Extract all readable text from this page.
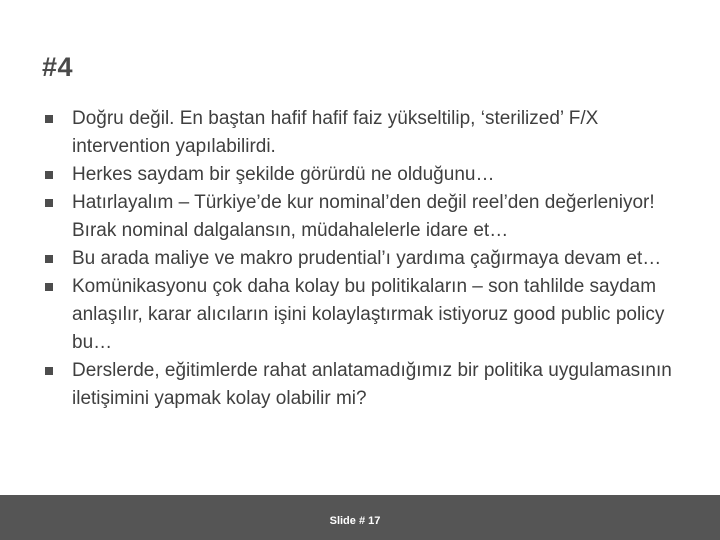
#4
Doğru değil. En baştan hafif hafif faiz yükseltilip, ‘sterilized’ F/X intervention yapılabilirdi.
Herkes saydam bir şekilde görürdü ne olduğunu…
Hatırlayalım – Türkiye’de kur nominal’den değil reel’den değerleniyor! Bırak nominal dalgalansın, müdahalelerle idare et…
Bu arada maliye ve makro prudential’ı yardıma çağırmaya devam et…
Komünikasyonu çok daha kolay bu politikaların – son tahlilde saydam anlaşılır, karar alıcıların işini kolaylaştırmak istiyoruz good public policy bu…
Derslerde, eğitimlerde rahat anlatamadığımız bir politika uygulamasının iletişimini yapmak kolay olabilir mi?
Slide # 17
